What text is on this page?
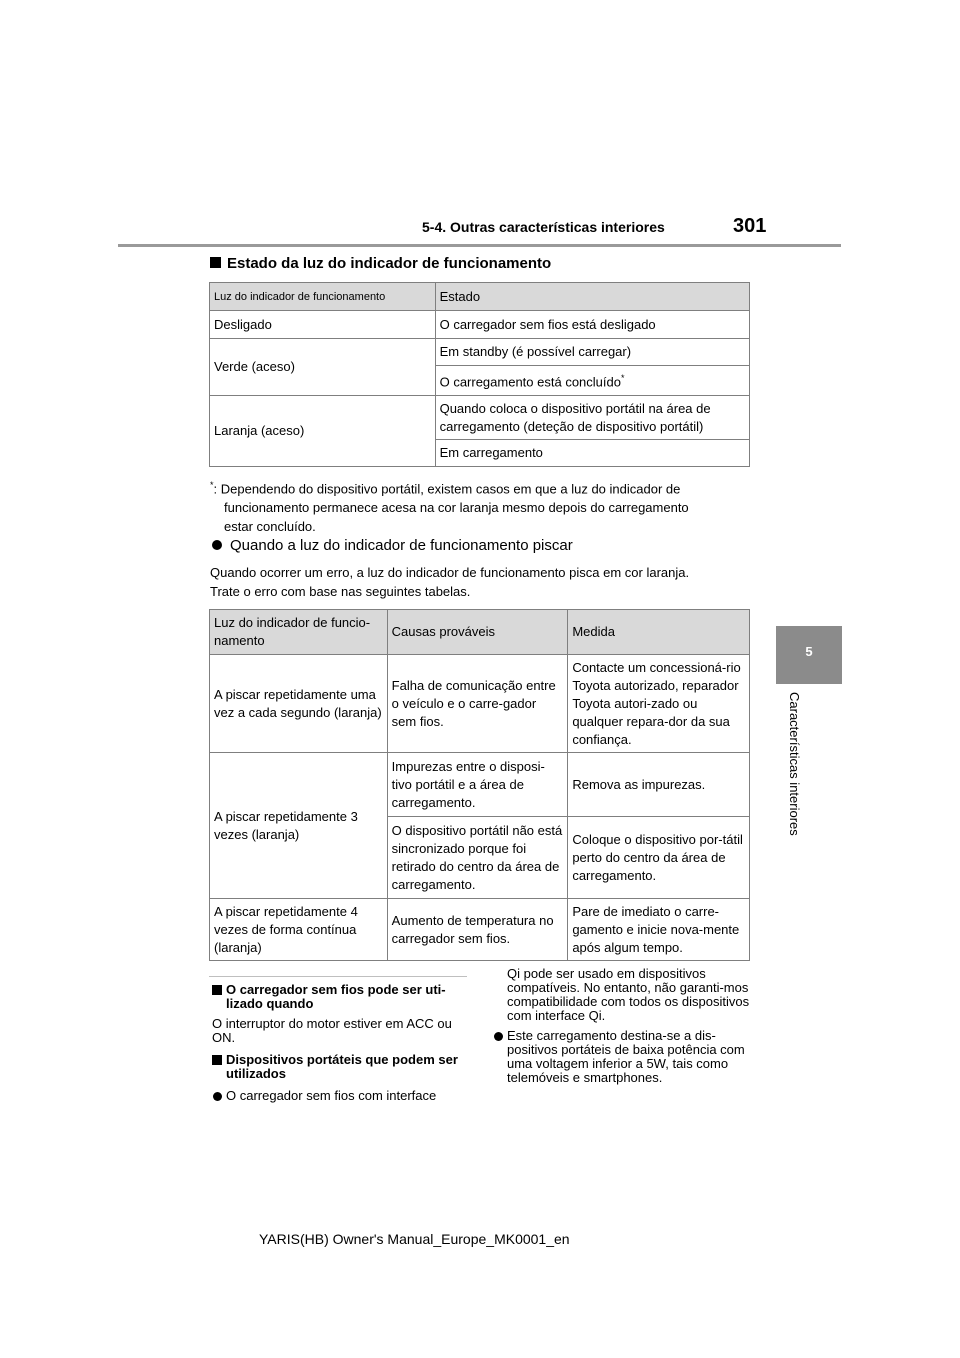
5-4. Outras características interiores	301
5
Características interiores
Estado da luz do indicador de funcionamento
Luz do indicador de funcionamento	Estado
Desligado	O carregador sem fios está desligado
Verde (aceso)	Em standby (é possível carregar)
	O carregamento está concluído*
Laranja (aceso)	Quando coloca o dispositivo portátil na área de carregamento (deteção de dispositivo portátil)
	Em carregamento
*: Dependendo do dispositivo portátil, existem casos em que a luz do indicador de
funcionamento permanece acesa na cor laranja mesmo depois do carregamento
estar concluído.
Quando a luz do indicador de funcionamento piscar
Quando ocorrer um erro, a luz do indicador de funcionamento pisca em cor laranja.
Trate o erro com base nas seguintes tabelas.
Luz do indicador de funcio-namento	Causas prováveis	Medida
A piscar repetidamente uma vez a cada segundo (laranja)	Falha de comunicação entre o veículo e o carre-gador sem fios.	Contacte um concessioná-rio Toyota autorizado, reparador Toyota autori-zado ou qualquer repara-dor da sua confiança.
A piscar repetidamente 3 vezes (laranja)	Impurezas entre o disposi-tivo portátil e a área de carregamento.	Remova as impurezas.
	O dispositivo portátil não está sincronizado porque foi retirado do centro da área de carregamento.	Coloque o dispositivo por-tátil perto do centro da área de carregamento.
A piscar repetidamente 4 vezes de forma contínua (laranja)	Aumento de temperatura no carregador sem fios.	Pare de imediato o carre-gamento e inicie nova-mente após algum tempo.

O carregador sem fios pode ser uti-lizado quando

O interruptor do motor estiver em ACC ou ON.

Dispositivos portáteis que podem ser utilizados

O carregador sem fios com interface
Qi pode ser usado em dispositivos compatíveis. No entanto, não garanti-mos compatibilidade com todos os dispositivos com interface Qi.
Este carregamento destina-se a dis-positivos portáteis de baixa potência com uma voltagem inferior a 5W, tais como telemóveis e smartphones.
YARIS(HB) Owner's Manual_Europe_MK0001_en
